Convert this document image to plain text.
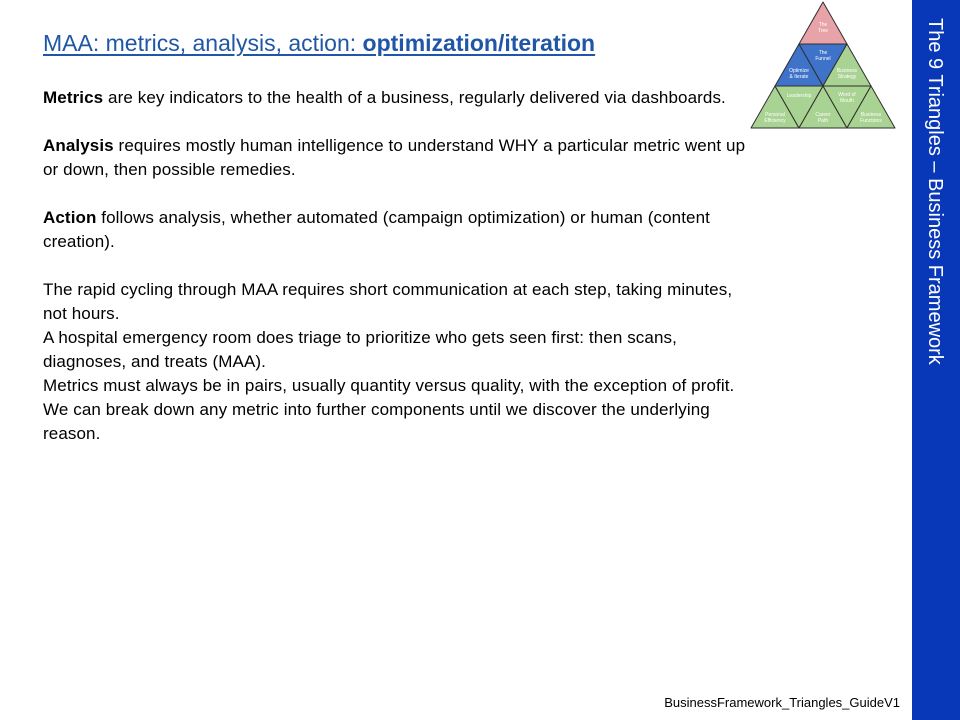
MAA: metrics, analysis, action: optimization/iteration

Metrics are key indicators to the health of a business, regularly delivered via dashboards.

Analysis requires mostly human intelligence to understand WHY a particular metric went up or down, then possible remedies.

Action follows analysis, whether automated (campaign optimization) or human (content creation).

The rapid cycling through MAA requires short communication at each step, taking minutes, not hours.

A hospital emergency room does triage to prioritize who gets seen first: then scans, diagnoses, and treats (MAA).

Metrics must always be in pairs, usually quantity versus quality, with the exception of profit.

We can break down any metric into further components until we discover the underlying reason.

The Tree
The Funnel
Optimize & Iterate
Business Strategy
Leadership	Word of Mouth
Personal Efficiency
Career Path
Business Functions The 9 Triangles – Business Framework
BusinessFramework_Triangles_GuideV1
